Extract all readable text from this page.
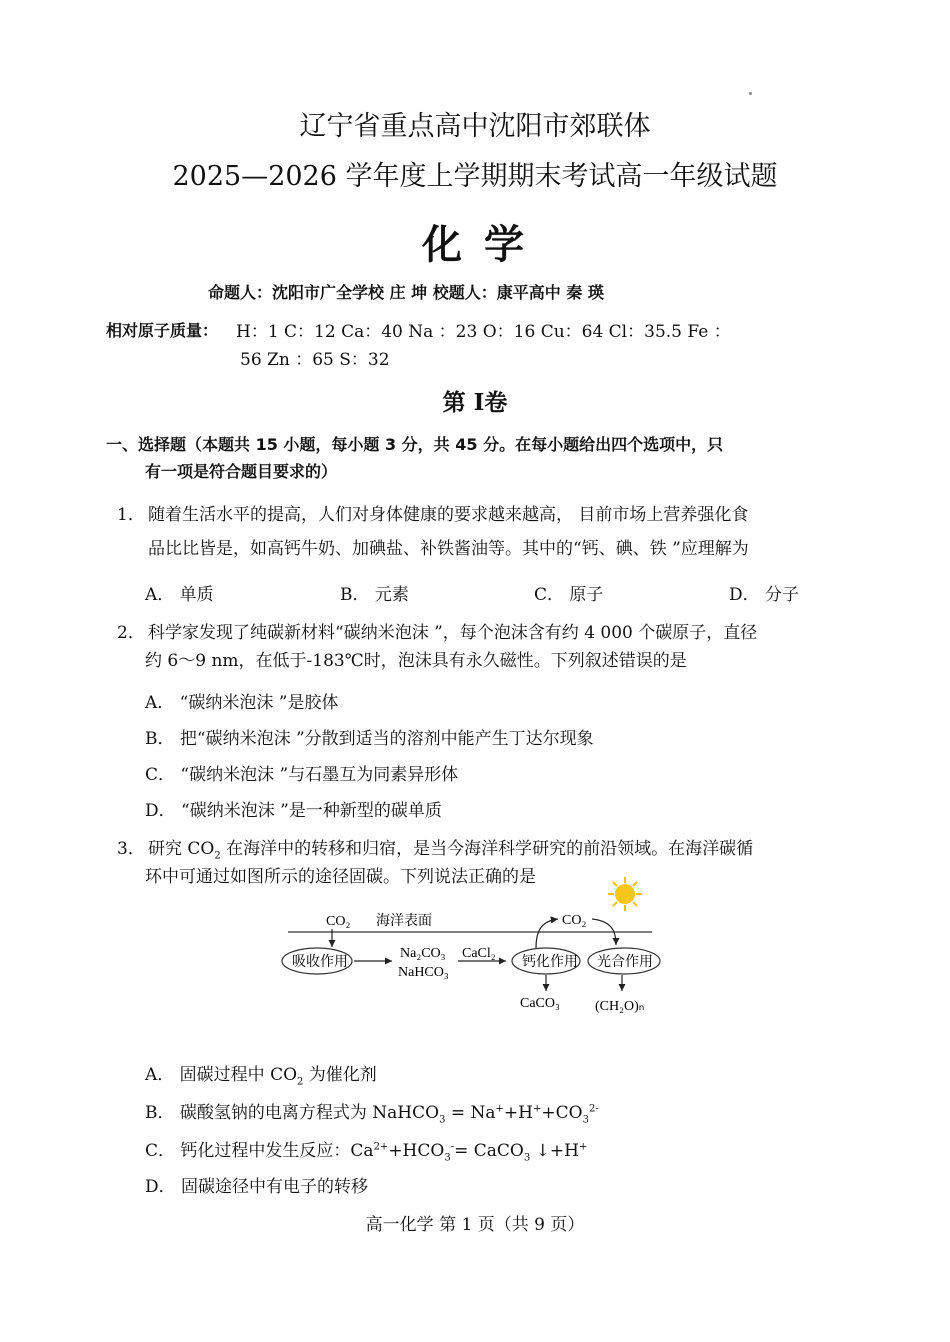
辽宁省重点高中沈阳市郊联体
2025—2026 学年度上学期期末考试高一年级试题
化 学
命题人：沈阳市广全学校 庄 坤 校题人：康平高中 秦 瑛
相对原子质量： H：1 C：12 Ca：40 Na ：23 O：16 Cu：64 Cl：35.5 Fe ：
56 Zn ：65 S：32
第 Ⅰ卷
一、选择题（本题共 15 小题，每小题 3 分，共 45 分。在每小题给出四个选项中，只
有一项是符合题目要求的）
1． 随着生活水平的提高，人们对身体健康的要求越来越高， 目前市场上营养强化食
品比比皆是，如高钙牛奶、加碘盐、补铁酱油等。其中的“钙、碘、铁 ”应理解为
A． 单质	B． 元素	C． 原子	D． 分子
2． 科学家发现了纯碳新材料“碳纳米泡沫 ”，每个泡沫含有约 4 000 个碳原子，直径
约 6～9 nm，在低于-183℃时，泡沫具有永久磁性。下列叙述错误的是
A． “碳纳米泡沫 ”是胶体
B． 把“碳纳米泡沫 ”分散到适当的溶剂中能产生丁达尔现象
C． “碳纳米泡沫 ”与石墨互为同素异形体
D． “碳纳米泡沫 ”是一种新型的碳单质
3． 研究 $CO_2$ 在海洋中的转移和归宿，是当今海洋科学研究的前沿领域。在海洋碳循
环中可通过如图所示的途径固碳。下列说法正确的是
CO₂ 海洋表面
吸收作用
Na₂CO₃
NaHCO₃
CaCl₂
钙化作用 光合作用
CO₂
CaCO₃	(CH₂O)ₙ
A． 固碳过程中 $CO_2$ 为催化剂
B． 碳酸氢钠的电离方程式为 NaHCO$_3$ = $Na^++H^++CO_3^{2-}$
C． 钙化过程中发生反应：$Ca^{2+}+HCO_3^-=$ CaCO$_3$ ↓+H+
D． 固碳途径中有电子的转移
高一化学 第 1 页（共 9 页）
